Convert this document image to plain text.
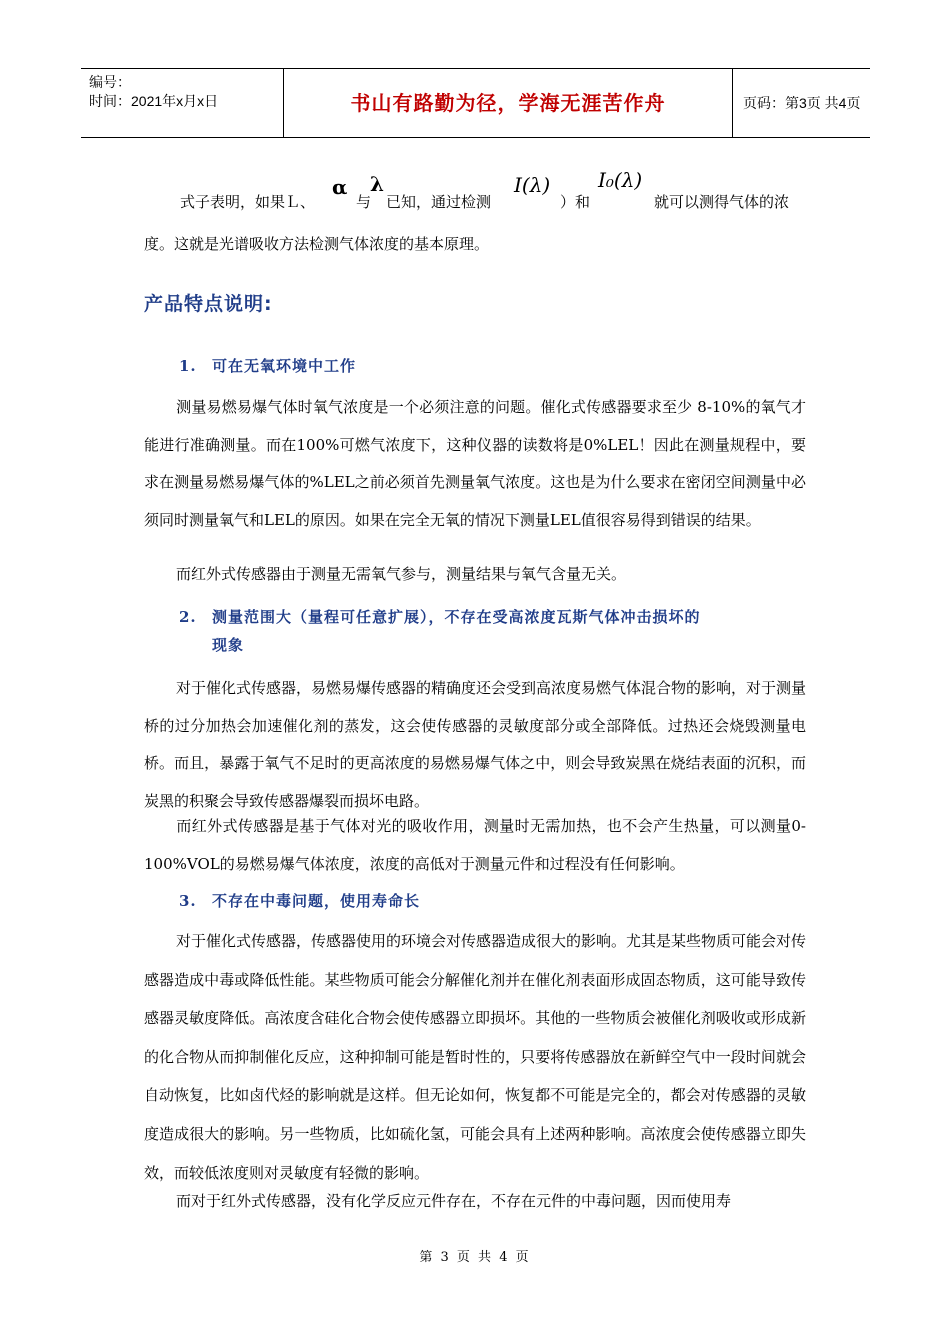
编号：
时间：2021年x月x日	书山有路勤为径，学海无涯苦作舟	页码：第3页 共4页
式子表明，如果Ｌ、
α λ
与 已知，通过检测
I(λ)
）和
I₀(λ)
就可以测得气体的浓
度。这就是光谱吸收方法检测气体浓度的基本原理。
产品特点说明:
1. 可在无氧环境中工作
测量易燃易爆气体时氧气浓度是一个必须注意的问题。催化式传感器要求至少 8-10%的氧气才能进行准确测量。而在100%可燃气浓度下，这种仪器的读数将是0%LEL！因此在测量规程中，要求在测量易燃易爆气体的%LEL之前必须首先测量氧气浓度。这也是为什么要求在密闭空间测量中必须同时测量氧气和LEL的原因。如果在完全无氧的情况下测量LEL值很容易得到错误的结果。
而红外式传感器由于测量无需氧气参与，测量结果与氧气含量无关。
2. 测量范围大（量程可任意扩展），不存在受高浓度瓦斯气体冲击损坏的
现象
对于催化式传感器，易燃易爆传感器的精确度还会受到高浓度易燃气体混合物的影响，对于测量桥的过分加热会加速催化剂的蒸发，这会使传感器的灵敏度部分或全部降低。过热还会烧毁测量电桥。而且，暴露于氧气不足时的更高浓度的易燃易爆气体之中，则会导致炭黑在烧结表面的沉积，而炭黑的积聚会导致传感器爆裂而损坏电路。
而红外式传感器是基于气体对光的吸收作用，测量时无需加热，也不会产生热量，可以测量0-100%VOL的易燃易爆气体浓度，浓度的高低对于测量元件和过程没有任何影响。
3. 不存在中毒问题，使用寿命长
对于催化式传感器，传感器使用的环境会对传感器造成很大的影响。尤其是某些物质可能会对传感器造成中毒或降低性能。某些物质可能会分解催化剂并在催化剂表面形成固态物质，这可能导致传感器灵敏度降低。高浓度含硅化合物会使传感器立即损坏。其他的一些物质会被催化剂吸收或形成新的化合物从而抑制催化反应，这种抑制可能是暂时性的，只要将传感器放在新鲜空气中一段时间就会自动恢复，比如卤代烃的影响就是这样。但无论如何，恢复都不可能是完全的，都会对传感器的灵敏度造成很大的影响。另一些物质，比如硫化氢，可能会具有上述两种影响。高浓度会使传感器立即失效，而较低浓度则对灵敏度有轻微的影响。
而对于红外式传感器，没有化学反应元件存在，不存在元件的中毒问题，因而使用寿
第 3 页 共 4 页
